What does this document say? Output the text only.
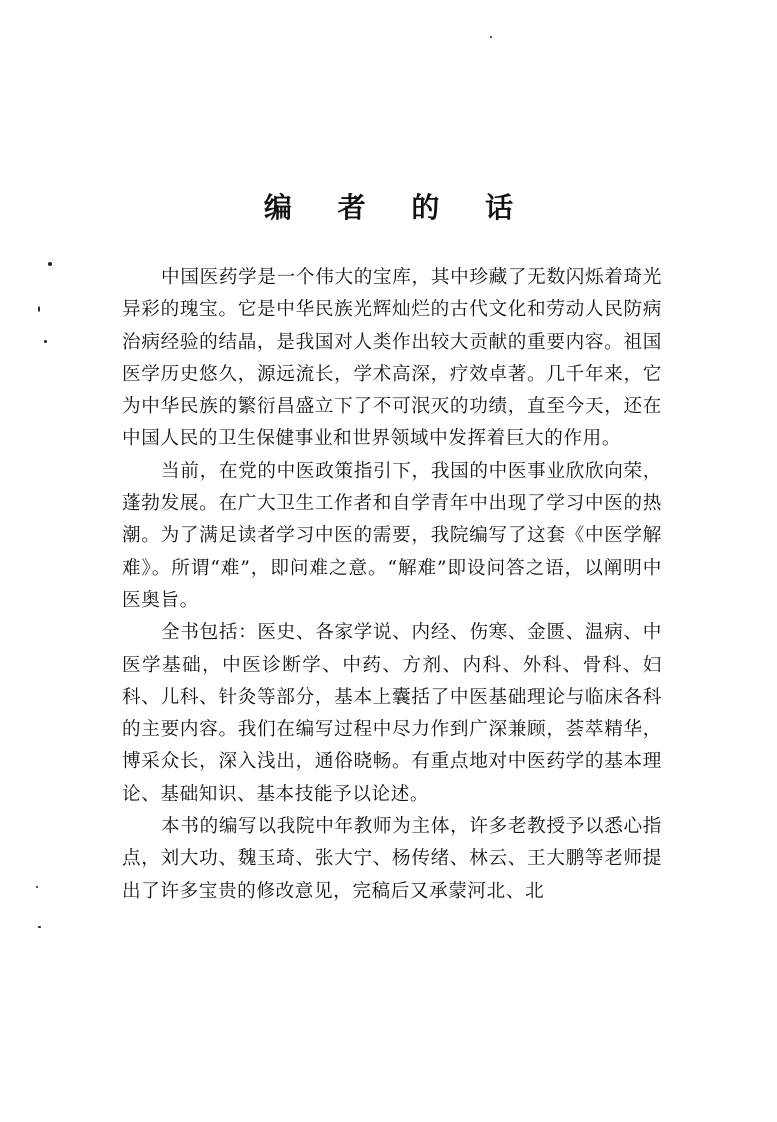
编 者 的 话

中国医药学是一个伟大的宝库，其中珍藏了无数闪烁着琦光异彩的瑰宝。它是中华民族光辉灿烂的古代文化和劳动人民防病治病经验的结晶，是我国对人类作出较大贡献的重要内容。祖国医学历史悠久，源远流长，学术高深，疗效卓著。几千年来，它为中华民族的繁衍昌盛立下了不可泯灭的功绩，直至今天，还在中国人民的卫生保健事业和世界领域中发挥着巨大的作用。

当前，在党的中医政策指引下，我国的中医事业欣欣向荣，蓬勃发展。在广大卫生工作者和自学青年中出现了学习中医的热潮。为了满足读者学习中医的需要，我院编写了这套《中医学解难》。所谓“难”，即问难之意。“解难”即设问答之语，以阐明中医奥旨。

全书包括：医史、各家学说、内经、伤寒、金匮、温病、中医学基础，中医诊断学、中药、方剂、内科、外科、骨科、妇科、儿科、针灸等部分，基本上囊括了中医基础理论与临床各科的主要内容。我们在编写过程中尽力作到广深兼顾，荟萃精华，博采众长，深入浅出，通俗晓畅。有重点地对中医药学的基本理论、基础知识、基本技能予以论述。

本书的编写以我院中年教师为主体，许多老教授予以悉心指点，刘大功、魏玉琦、张大宁、杨传绪、林云、王大鹏等老师提出了许多宝贵的修改意见，完稿后又承蒙河北、北
